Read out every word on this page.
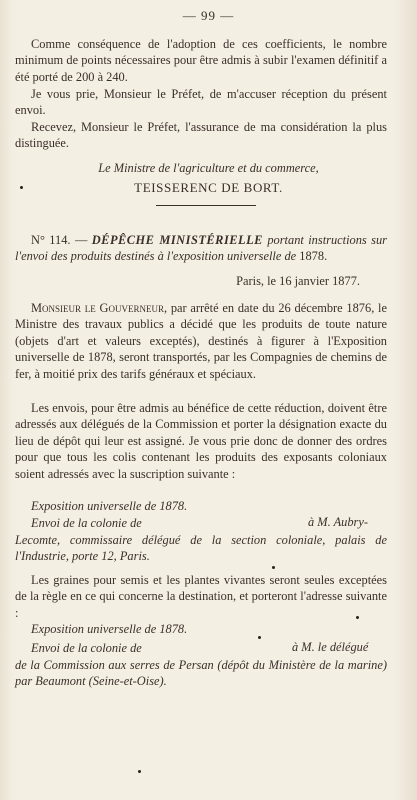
— 99 —
Comme conséquence de l'adoption de ces coefficients, le nombre minimum de points nécessaires pour être admis à subir l'examen définitif a été porté de 200 à 240.
Je vous prie, Monsieur le Préfet, de m'accuser réception du présent envoi.
Recevez, Monsieur le Préfet, l'assurance de ma considération la plus distinguée.
Le Ministre de l'agriculture et du commerce,
TEISSERENC DE BORT.
N° 114. — DÉPÊCHE MINISTÉRIELLE portant instructions sur l'envoi des produits destinés à l'exposition universelle de 1878.
Paris, le 16 janvier 1877.
Monsieur le Gouverneur, par arrêté en date du 26 décembre 1876, le Ministre des travaux publics a décidé que les produits de toute nature (objets d'art et valeurs exceptés), destinés à figurer à l'Exposition universelle de 1878, seront transportés, par les Compagnies de chemins de fer, à moitié prix des tarifs généraux et spéciaux.
Les envois, pour être admis au bénéfice de cette réduction, doivent être adressés aux délégués de la Commission et porter la désignation exacte du lieu de dépôt qui leur est assigné. Je vous prie donc de donner des ordres pour que tous les colis contenant les produits des exposants coloniaux soient adressés avec la suscription suivante :
Exposition universelle de 1878.
Envoi de la colonie de	à M. Aubry-
Lecomte, commissaire délégué de la section coloniale, palais de l'Industrie, porte 12, Paris.
Les graines pour semis et les plantes vivantes seront seules exceptées de la règle en ce qui concerne la destination, et porteront l'adresse suivante :
Exposition universelle de 1878.
Envoi de la colonie de	à M. le délégué
de la Commission aux serres de Persan (dépôt du Ministère de la marine) par Beaumont (Seine-et-Oise).
